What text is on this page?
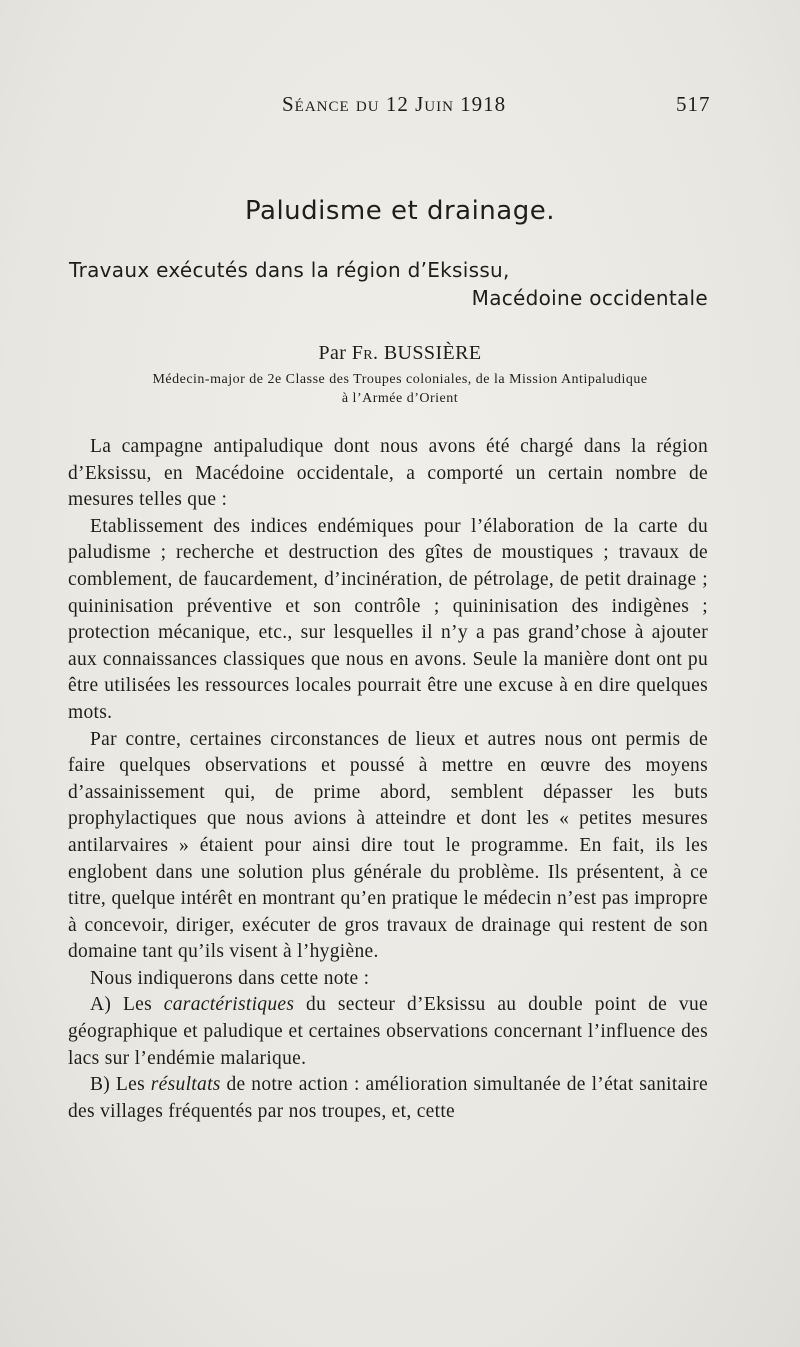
Séance du 12 Juin 1918	517
Paludisme et drainage.
Travaux exécutés dans la région d’Eksissu,
Macédoine occidentale
Par Fr. BUSSIÈRE
Médecin-major de 2e Classe des Troupes coloniales, de la Mission Antipaludique
à l’Armée d’Orient

La campagne antipaludique dont nous avons été chargé dans la région d’Eksissu, en Macédoine occidentale, a comporté un certain nombre de mesures telles que :

Etablissement des indices endémiques pour l’élaboration de la carte du paludisme ; recherche et destruction des gîtes de moustiques ; travaux de comblement, de faucardement, d’incinération, de pétrolage, de petit drainage ; quininisation préventive et son contrôle ; quininisation des indigènes ; protection mécanique, etc., sur lesquelles il n’y a pas grand’chose à ajouter aux connaissances classiques que nous en avons. Seule la manière dont ont pu être utilisées les ressources locales pourrait être une excuse à en dire quelques mots.

Par contre, certaines circonstances de lieux et autres nous ont permis de faire quelques observations et poussé à mettre en œuvre des moyens d’assainissement qui, de prime abord, semblent dépasser les buts prophylactiques que nous avions à atteindre et dont les « petites mesures antilarvaires » étaient pour ainsi dire tout le programme. En fait, ils les englobent dans une solution plus générale du problème. Ils présentent, à ce titre, quelque intérêt en montrant qu’en pratique le médecin n’est pas impropre à concevoir, diriger, exécuter de gros travaux de drainage qui restent de son domaine tant qu’ils visent à l’hygiène.

Nous indiquerons dans cette note :

A) Les caractéristiques du secteur d’Eksissu au double point de vue géographique et paludique et certaines observations concernant l’influence des lacs sur l’endémie malarique.

B) Les résultats de notre action : amélioration simultanée de l’état sanitaire des villages fréquentés par nos troupes, et, cette
